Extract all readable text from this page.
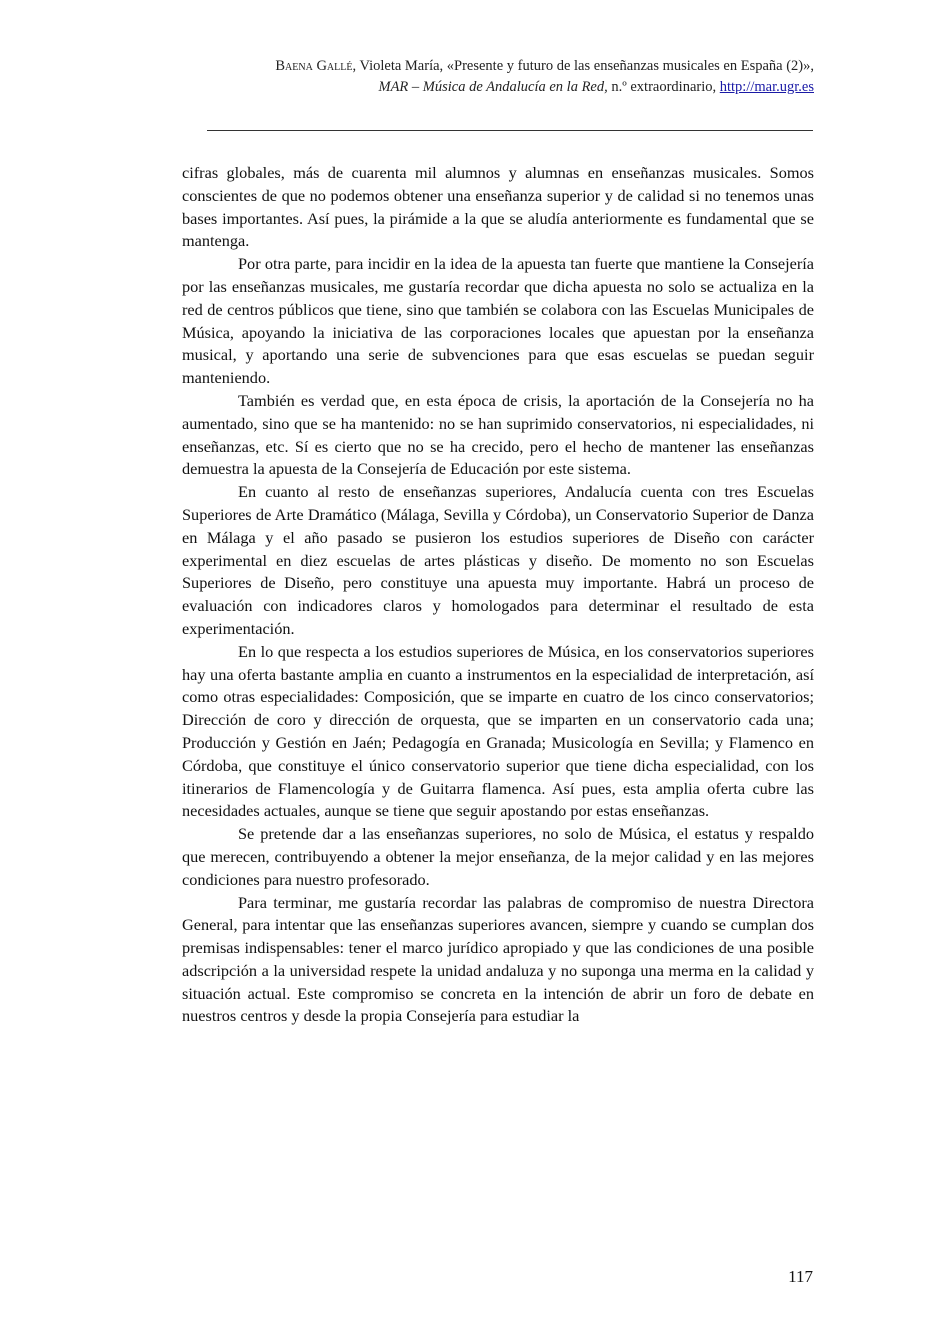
Baena Gallé, Violeta María, «Presente y futuro de las enseñanzas musicales en España (2)»,
MAR – Música de Andalucía en la Red, n.º extraordinario, http://mar.ugr.es

cifras globales, más de cuarenta mil alumnos y alumnas en enseñanzas musicales. Somos conscientes de que no podemos obtener una enseñanza superior y de calidad si no tenemos unas bases importantes. Así pues, la pirámide a la que se aludía anteriormente es fundamental que se mantenga.

Por otra parte, para incidir en la idea de la apuesta tan fuerte que mantiene la Consejería por las enseñanzas musicales, me gustaría recordar que dicha apuesta no solo se actualiza en la red de centros públicos que tiene, sino que también se colabora con las Escuelas Municipales de Música, apoyando la iniciativa de las corporaciones locales que apuestan por la enseñanza musical, y aportando una serie de subvenciones para que esas escuelas se puedan seguir manteniendo.

También es verdad que, en esta época de crisis, la aportación de la Consejería no ha aumentado, sino que se ha mantenido: no se han suprimido conservatorios, ni especialidades, ni enseñanzas, etc. Sí es cierto que no se ha crecido, pero el hecho de mantener las enseñanzas demuestra la apuesta de la Consejería de Educación por este sistema.

En cuanto al resto de enseñanzas superiores, Andalucía cuenta con tres Escuelas Superiores de Arte Dramático (Málaga, Sevilla y Córdoba), un Conservatorio Superior de Danza en Málaga y el año pasado se pusieron los estudios superiores de Diseño con carácter experimental en diez escuelas de artes plásticas y diseño. De momento no son Escuelas Superiores de Diseño, pero constituye una apuesta muy importante. Habrá un proceso de evaluación con indicadores claros y homologados para determinar el resultado de esta experimentación.

En lo que respecta a los estudios superiores de Música, en los conservatorios superiores hay una oferta bastante amplia en cuanto a instrumentos en la especialidad de interpretación, así como otras especialidades: Composición, que se imparte en cuatro de los cinco conservatorios; Dirección de coro y dirección de orquesta, que se imparten en un conservatorio cada una; Producción y Gestión en Jaén; Pedagogía en Granada; Musicología en Sevilla; y Flamenco en Córdoba, que constituye el único conservatorio superior que tiene dicha especialidad, con los itinerarios de Flamencología y de Guitarra flamenca. Así pues, esta amplia oferta cubre las necesidades actuales, aunque se tiene que seguir apostando por estas enseñanzas.

Se pretende dar a las enseñanzas superiores, no solo de Música, el estatus y respaldo que merecen, contribuyendo a obtener la mejor enseñanza, de la mejor calidad y en las mejores condiciones para nuestro profesorado.

Para terminar, me gustaría recordar las palabras de compromiso de nuestra Directora General, para intentar que las enseñanzas superiores avancen, siempre y cuando se cumplan dos premisas indispensables: tener el marco jurídico apropiado y que las condiciones de una posible adscripción a la universidad respete la unidad andaluza y no suponga una merma en la calidad y situación actual. Este compromiso se concreta en la intención de abrir un foro de debate en nuestros centros y desde la propia Consejería para estudiar la

117
